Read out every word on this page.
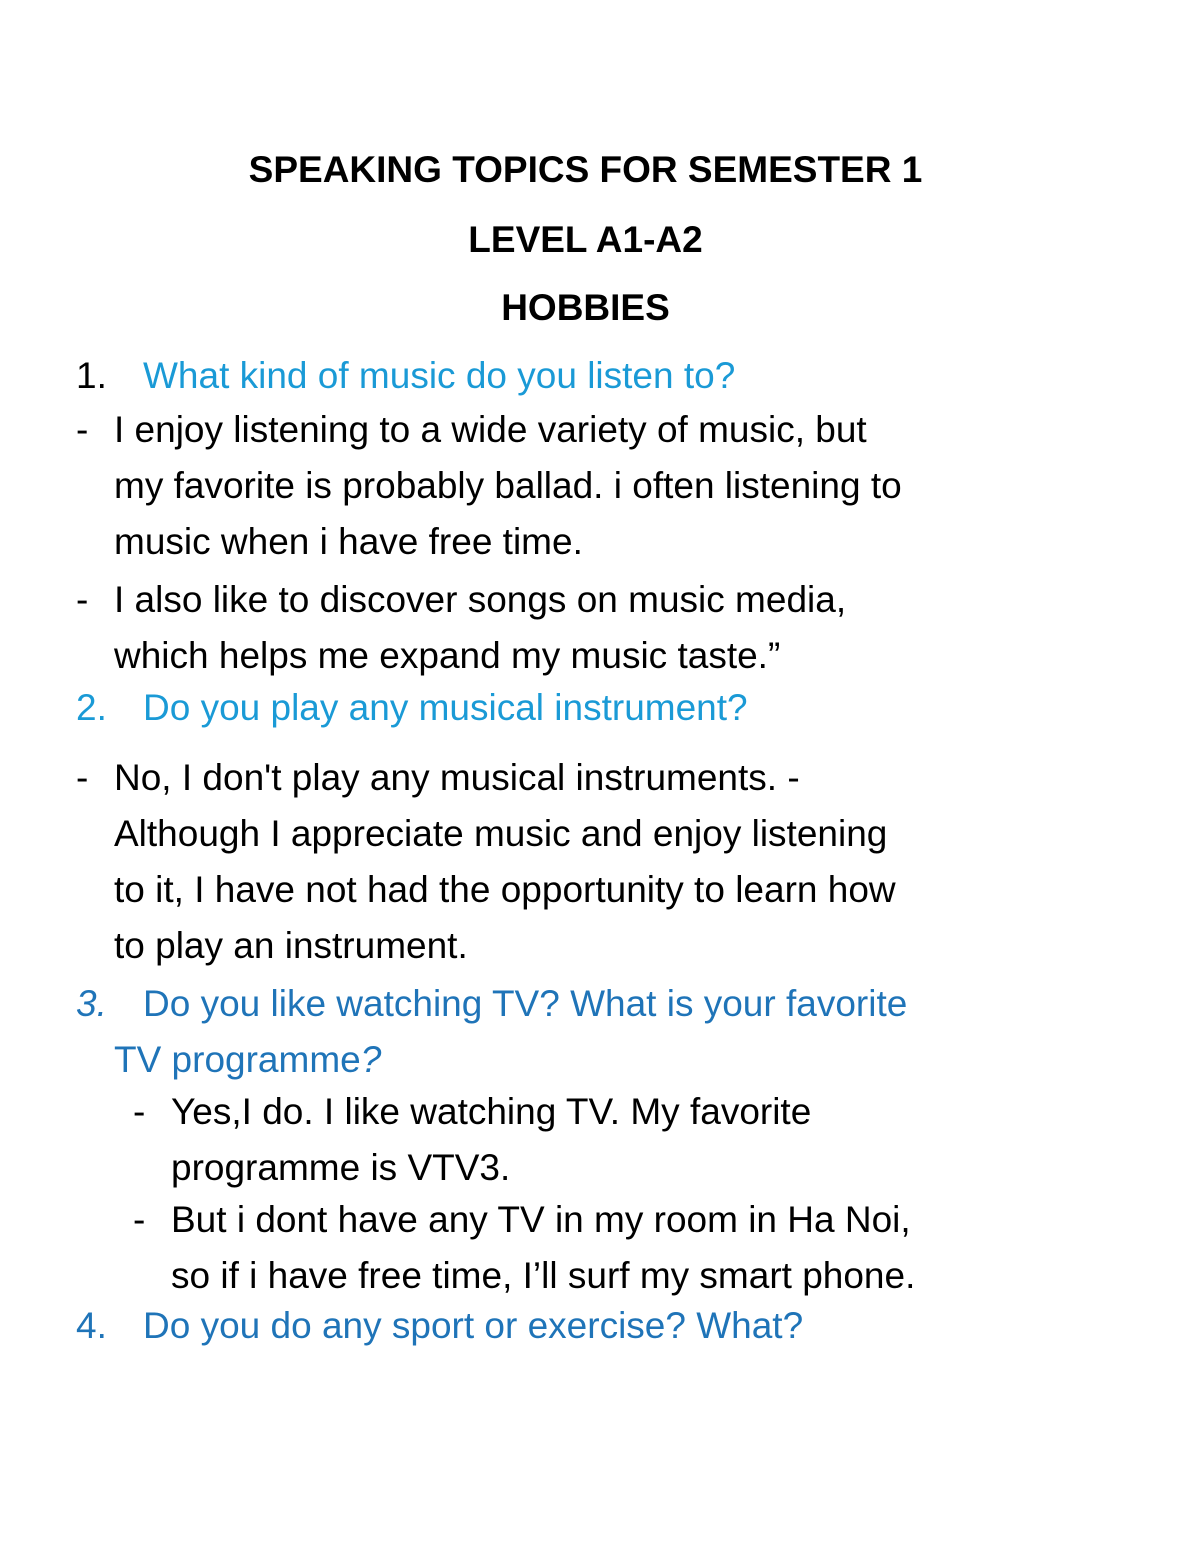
SPEAKING TOPICS FOR SEMESTER 1
LEVEL A1-A2
HOBBIES
1. What kind of music do you listen to?
- I enjoy listening to a wide variety of music, but
my favorite is probably ballad. i often listening to
music when i have free time.
- I also like to discover songs on music media,
which helps me expand my music taste.”
2. Do you play any musical instrument?
- No, I don't play any musical instruments. -
Although I appreciate music and enjoy listening
to it, I have not had the opportunity to learn how
to play an instrument.
3. Do you like watching TV? What is your favorite
TV programme?
- Yes,I do. I like watching TV. My favorite
programme is VTV3.
- But i dont have any TV in my room in Ha Noi,
so if i have free time, I’ll surf my smart phone.
4. Do you do any sport or exercise? What?
